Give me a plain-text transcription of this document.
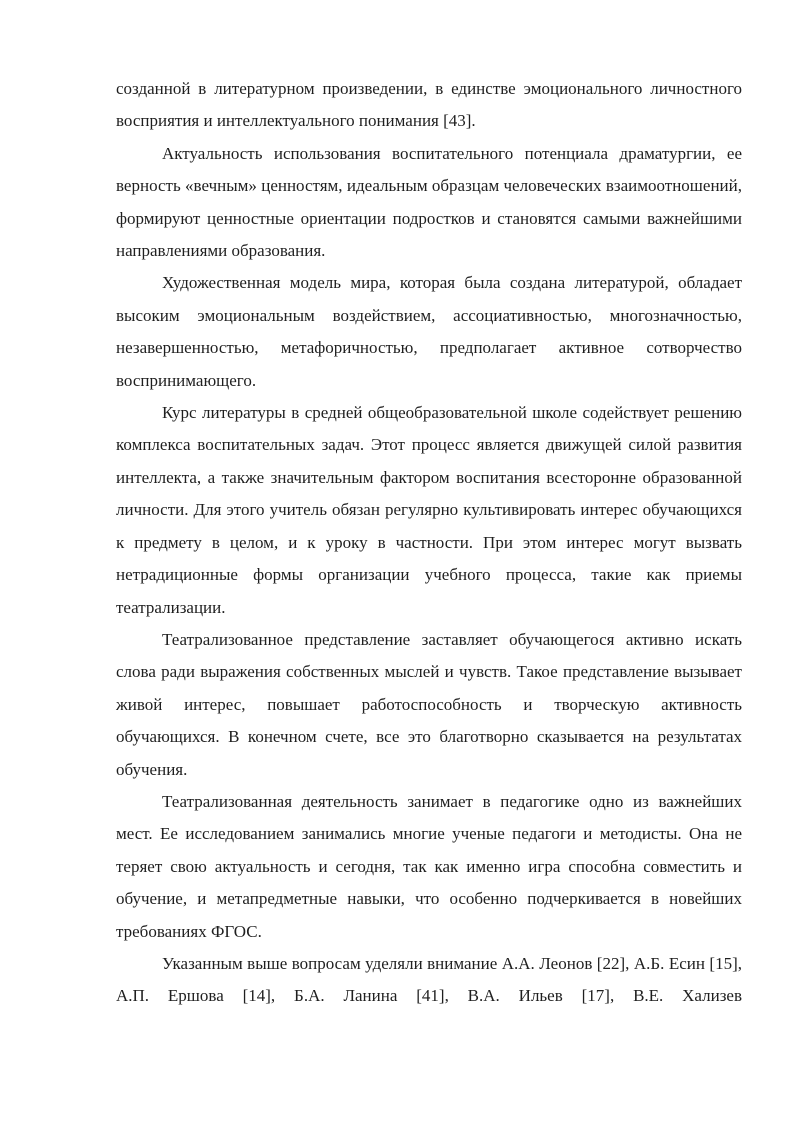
созданной в литературном произведении, в единстве эмоционального личностного восприятия и интеллектуального понимания [43].

Актуальность использования воспитательного потенциала драматургии, ее верность «вечным» ценностям, идеальным образцам человеческих взаимоотношений, формируют ценностные ориентации подростков и становятся самыми важнейшими направлениями образования.

Художественная модель мира, которая была создана литературой, обладает высоким эмоциональным воздействием, ассоциативностью, многозначностью, незавершенностью, метафоричностью, предполагает активное сотворчество воспринимающего.

Курс литературы в средней общеобразовательной школе содействует решению комплекса воспитательных задач. Этот процесс является движущей силой развития интеллекта, а также значительным фактором воспитания всесторонне образованной личности. Для этого учитель обязан регулярно культивировать интерес обучающихся к предмету в целом, и к уроку в частности. При этом интерес могут вызвать нетрадиционные формы организации учебного процесса, такие как приемы театрализации.

Театрализованное представление заставляет обучающегося активно искать слова ради выражения собственных мыслей и чувств. Такое представление вызывает живой интерес, повышает работоспособность и творческую активность обучающихся. В конечном счете, все это благотворно сказывается на результатах обучения.

Театрализованная деятельность занимает в педагогике одно из важнейших мест. Ее исследованием занимались многие ученые педагоги и методисты. Она не теряет свою актуальность и сегодня, так как именно игра способна совместить и обучение, и метапредметные навыки, что особенно подчеркивается в новейших требованиях ФГОС.

Указанным выше вопросам уделяли внимание А.А. Леонов [22], А.Б. Есин [15], А.П. Ершова [14], Б.А. Ланина [41], В.А. Ильев [17], В.Е. Хализев
